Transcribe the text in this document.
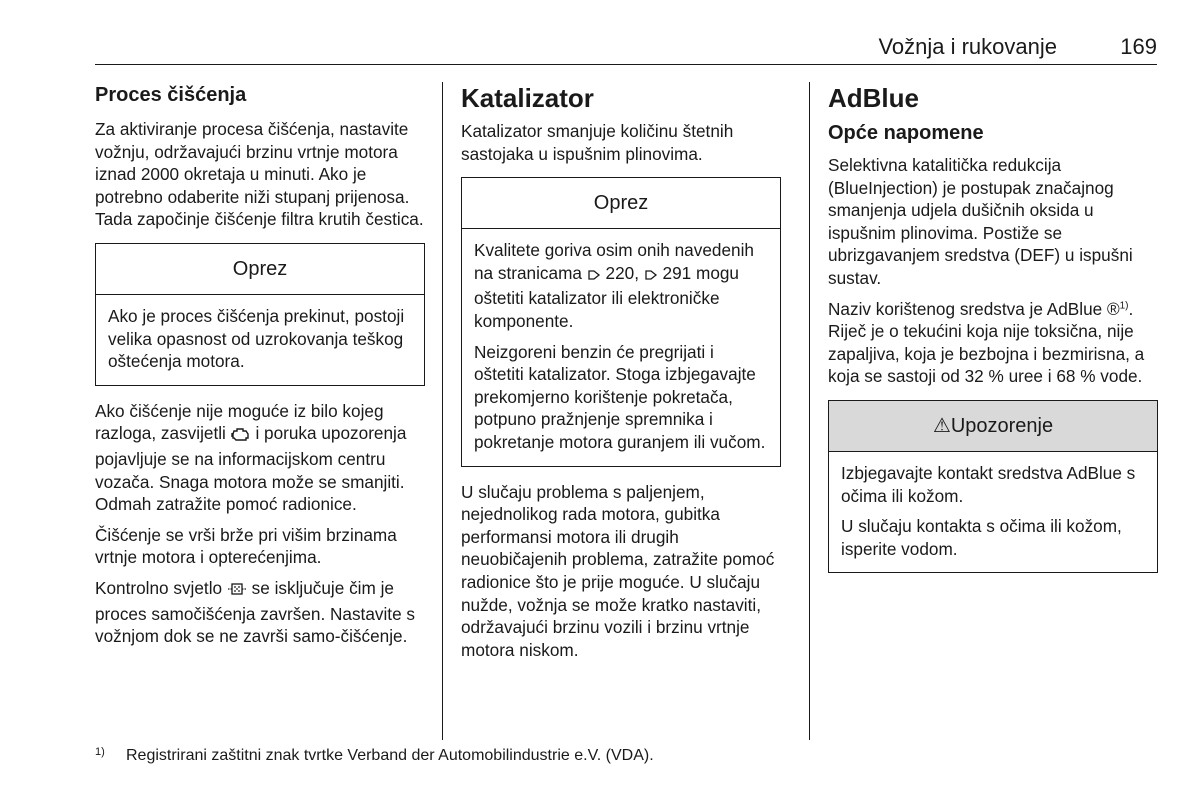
Vožnja i rukovanje	169
Proces čišćenja

Za aktiviranje procesa čišćenja, nastavite vožnju, održavajući brzinu vrtnje motora iznad 2000 okretaja u minuti. Ako je potrebno odaberite niži stupanj prijenosa. Tada započinje čišćenje filtra krutih čestica.

Oprez

Ako je proces čišćenja prekinut, postoji velika opasnost od uzrokovanja teškog oštećenja motora.

Ako čišćenje nije moguće iz bilo kojeg razloga, zasvijetli i poruka upozorenja pojavljuje se na informacijskom centru vozača. Snaga motora može se smanjiti. Odmah zatražite pomoć radionice.

Čišćenje se vrši brže pri višim brzinama vrtnje motora i opterećenjima.

Kontrolno svjetlo se isključuje čim je proces samočišćenja završen. Nastavite s vožnjom dok se ne završi samo-čišćenje.

Katalizator

Katalizator smanjuje količinu štetnih sastojaka u ispušnim plinovima.

Oprez

Kvalitete goriva osim onih navedenih na stranicama 220, 291 mogu oštetiti katalizator ili elektroničke komponente.

Neizgoreni benzin će pregrijati i oštetiti katalizator. Stoga izbjegavajte prekomjerno korištenje pokretača, potpuno pražnjenje spremnika i pokretanje motora guranjem ili vučom.

U slučaju problema s paljenjem, nejednolikog rada motora, gubitka performansi motora ili drugih neuobičajenih problema, zatražite pomoć radionice što je prije moguće. U slučaju nužde, vožnja se može kratko nastaviti, održavajući brzinu vozili i brzinu vrtnje motora niskom.

AdBlue
Opće napomene

Selektivna katalitička redukcija (BlueInjection) je postupak značajnog smanjenja udjela dušičnih oksida u ispušnim plinovima. Postiže se ubrizgavanjem sredstva (DEF) u ispušni sustav.

Naziv korištenog sredstva je AdBlue ®$^{1)}$. Riječ je o tekućini koja nije toksična, nije zapaljiva, koja je bezbojna i bezmirisna, a koja se sastoji od 32 % uree i 68 % vode.

⚠Upozorenje

Izbjegavajte kontakt sredstva AdBlue s očima ili kožom.

U slučaju kontakta s očima ili kožom, isperite vodom.

1) Registrirani zaštitni znak tvrtke Verband der Automobilindustrie e.V. (VDA).
